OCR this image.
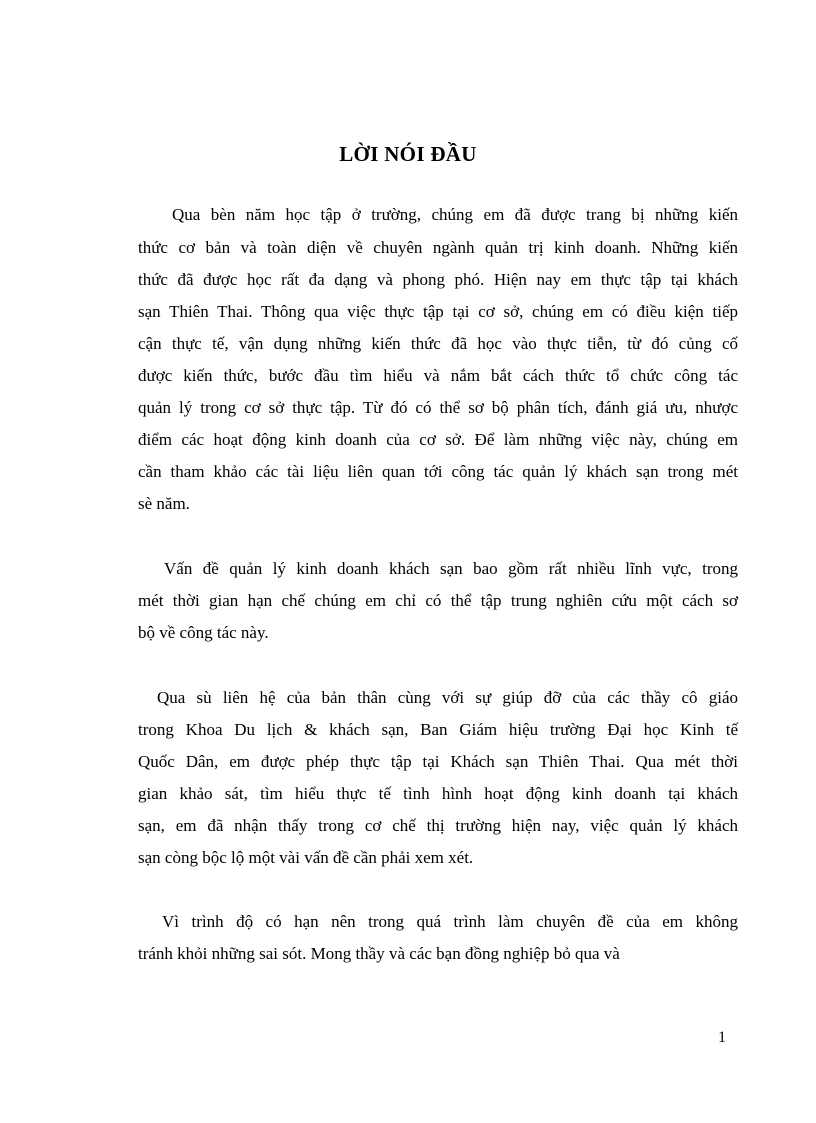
LỜI NÓI ĐẦU
Qua bèn năm học tập ở trường, chúng em đã được trang bị những kiến
thức cơ bản và toàn diện về chuyên ngành quản trị kinh doanh. Những kiến
thức đã được học rất đa dạng và phong phó. Hiện nay em thực tập tại khách
sạn Thiên Thai. Thông qua việc thực tập tại cơ sở, chúng em có điều kiện tiếp
cận thực tế, vận dụng những kiến thức đã học vào thực tiễn, từ đó củng cố
được kiến thức, bước đầu tìm hiểu và nắm bắt cách thức tổ chức công tác
quản lý trong cơ sở thực tập. Từ đó có thể sơ bộ phân tích, đánh giá ưu, nhược
điểm các hoạt động kinh doanh của cơ sở. Để làm những việc này, chúng em
cần tham khảo các tài liệu liên quan tới công tác quản lý khách sạn trong mét
sè năm.
Vấn đề quản lý kinh doanh khách sạn bao gồm rất nhiều lĩnh vực, trong
mét thời gian hạn chế chúng em chỉ có thể tập trung nghiên cứu một cách sơ
bộ về công tác này.
Qua sù liên hệ của bản thân cùng với sự giúp đỡ của các thầy cô giáo
trong Khoa Du lịch & khách sạn, Ban Giám hiệu trường Đại học Kinh tế
Quốc Dân, em được phép thực tập tại Khách sạn Thiên Thai. Qua mét thời
gian khảo sát, tìm hiểu thực tế tình hình hoạt động kinh doanh tại khách
sạn, em đã nhận thấy trong cơ chế thị trường hiện nay, việc quản lý khách
sạn còng bộc lộ một vài vấn đề cần phải xem xét.
Vì trình độ có hạn nên trong quá trình làm chuyên đề của em không
tránh khỏi những sai sót. Mong thầy và các bạn đồng nghiệp bỏ qua và
1
